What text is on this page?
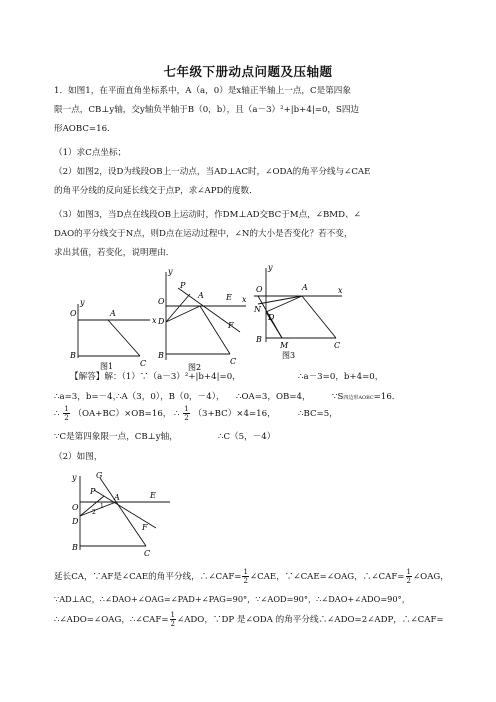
七年级下册动点问题及压轴题
1．如图1，在平面直角坐标系中，A（a，0）是x轴正半轴上一点，C是第四象
限一点，CB⊥y轴，交y轴负半轴于B（0，b），且（a－3）²+|b+4|=0，S四边
形AOBC=16．
（1）求C点坐标；
（2）如图2，设D为线段OB上一动点，当AD⊥AC时，∠ODA的角平分线与∠CAE
的角平分线的反向延长线交于点P，求∠APD的度数．
（3）如图3，当D点在线段OB上运动时，作DM⊥AD交BC于M点，∠BMD、∠
DAO的平分线交于N点，则D点在运动过程中，∠N的大小是否变化？若不变，
求出其值，若变化，说明理由．
y
x
O	A
B
C
图1
y
x
O
P
A	E
D	F
B
C
图2
y
x
O	A
N
D
B
M	C
图3
【解答】解：（1）∵（a－3）²+|b+4|=0，	∴a－3=0，b+4=0，
∴a=3，b=－4，
∴A（3，0），B（0，－4）， ∴OA=3，OB=4， ∵S四边形AOBC=16．
∴ $\frac{1}{2} (OA+BC)\times OB=16$， ∴ $\frac{1}{2} (3+BC)\times 4=16$，	∴BC=5，
∵C是第四象限一点，CB⊥y轴，	∴C（5，－4）
（2）如图，
y G
P
A
1
2
E
O
D
F
B
C
延长CA，∵AF是∠CAE的角平分线，∴∠CAF= $\frac{1}{2}$ ∠CAE，∵∠CAE=∠OAG，∴∠CAF= $\frac{1}{2}$ ∠OAG，
∵AD⊥AC，∴∠DAO+∠OAG=∠PAD+∠PAG=90°，∵∠AOD=90°，∴∠DAO+∠ADO=90°，
∴∠ADO=∠OAG，∴∠CAF= $\frac{1}{2}$ ∠ADO，∵DP 是∠ODA 的角平分线∴∠ADO=2∠ADP，∴∠CAF=
